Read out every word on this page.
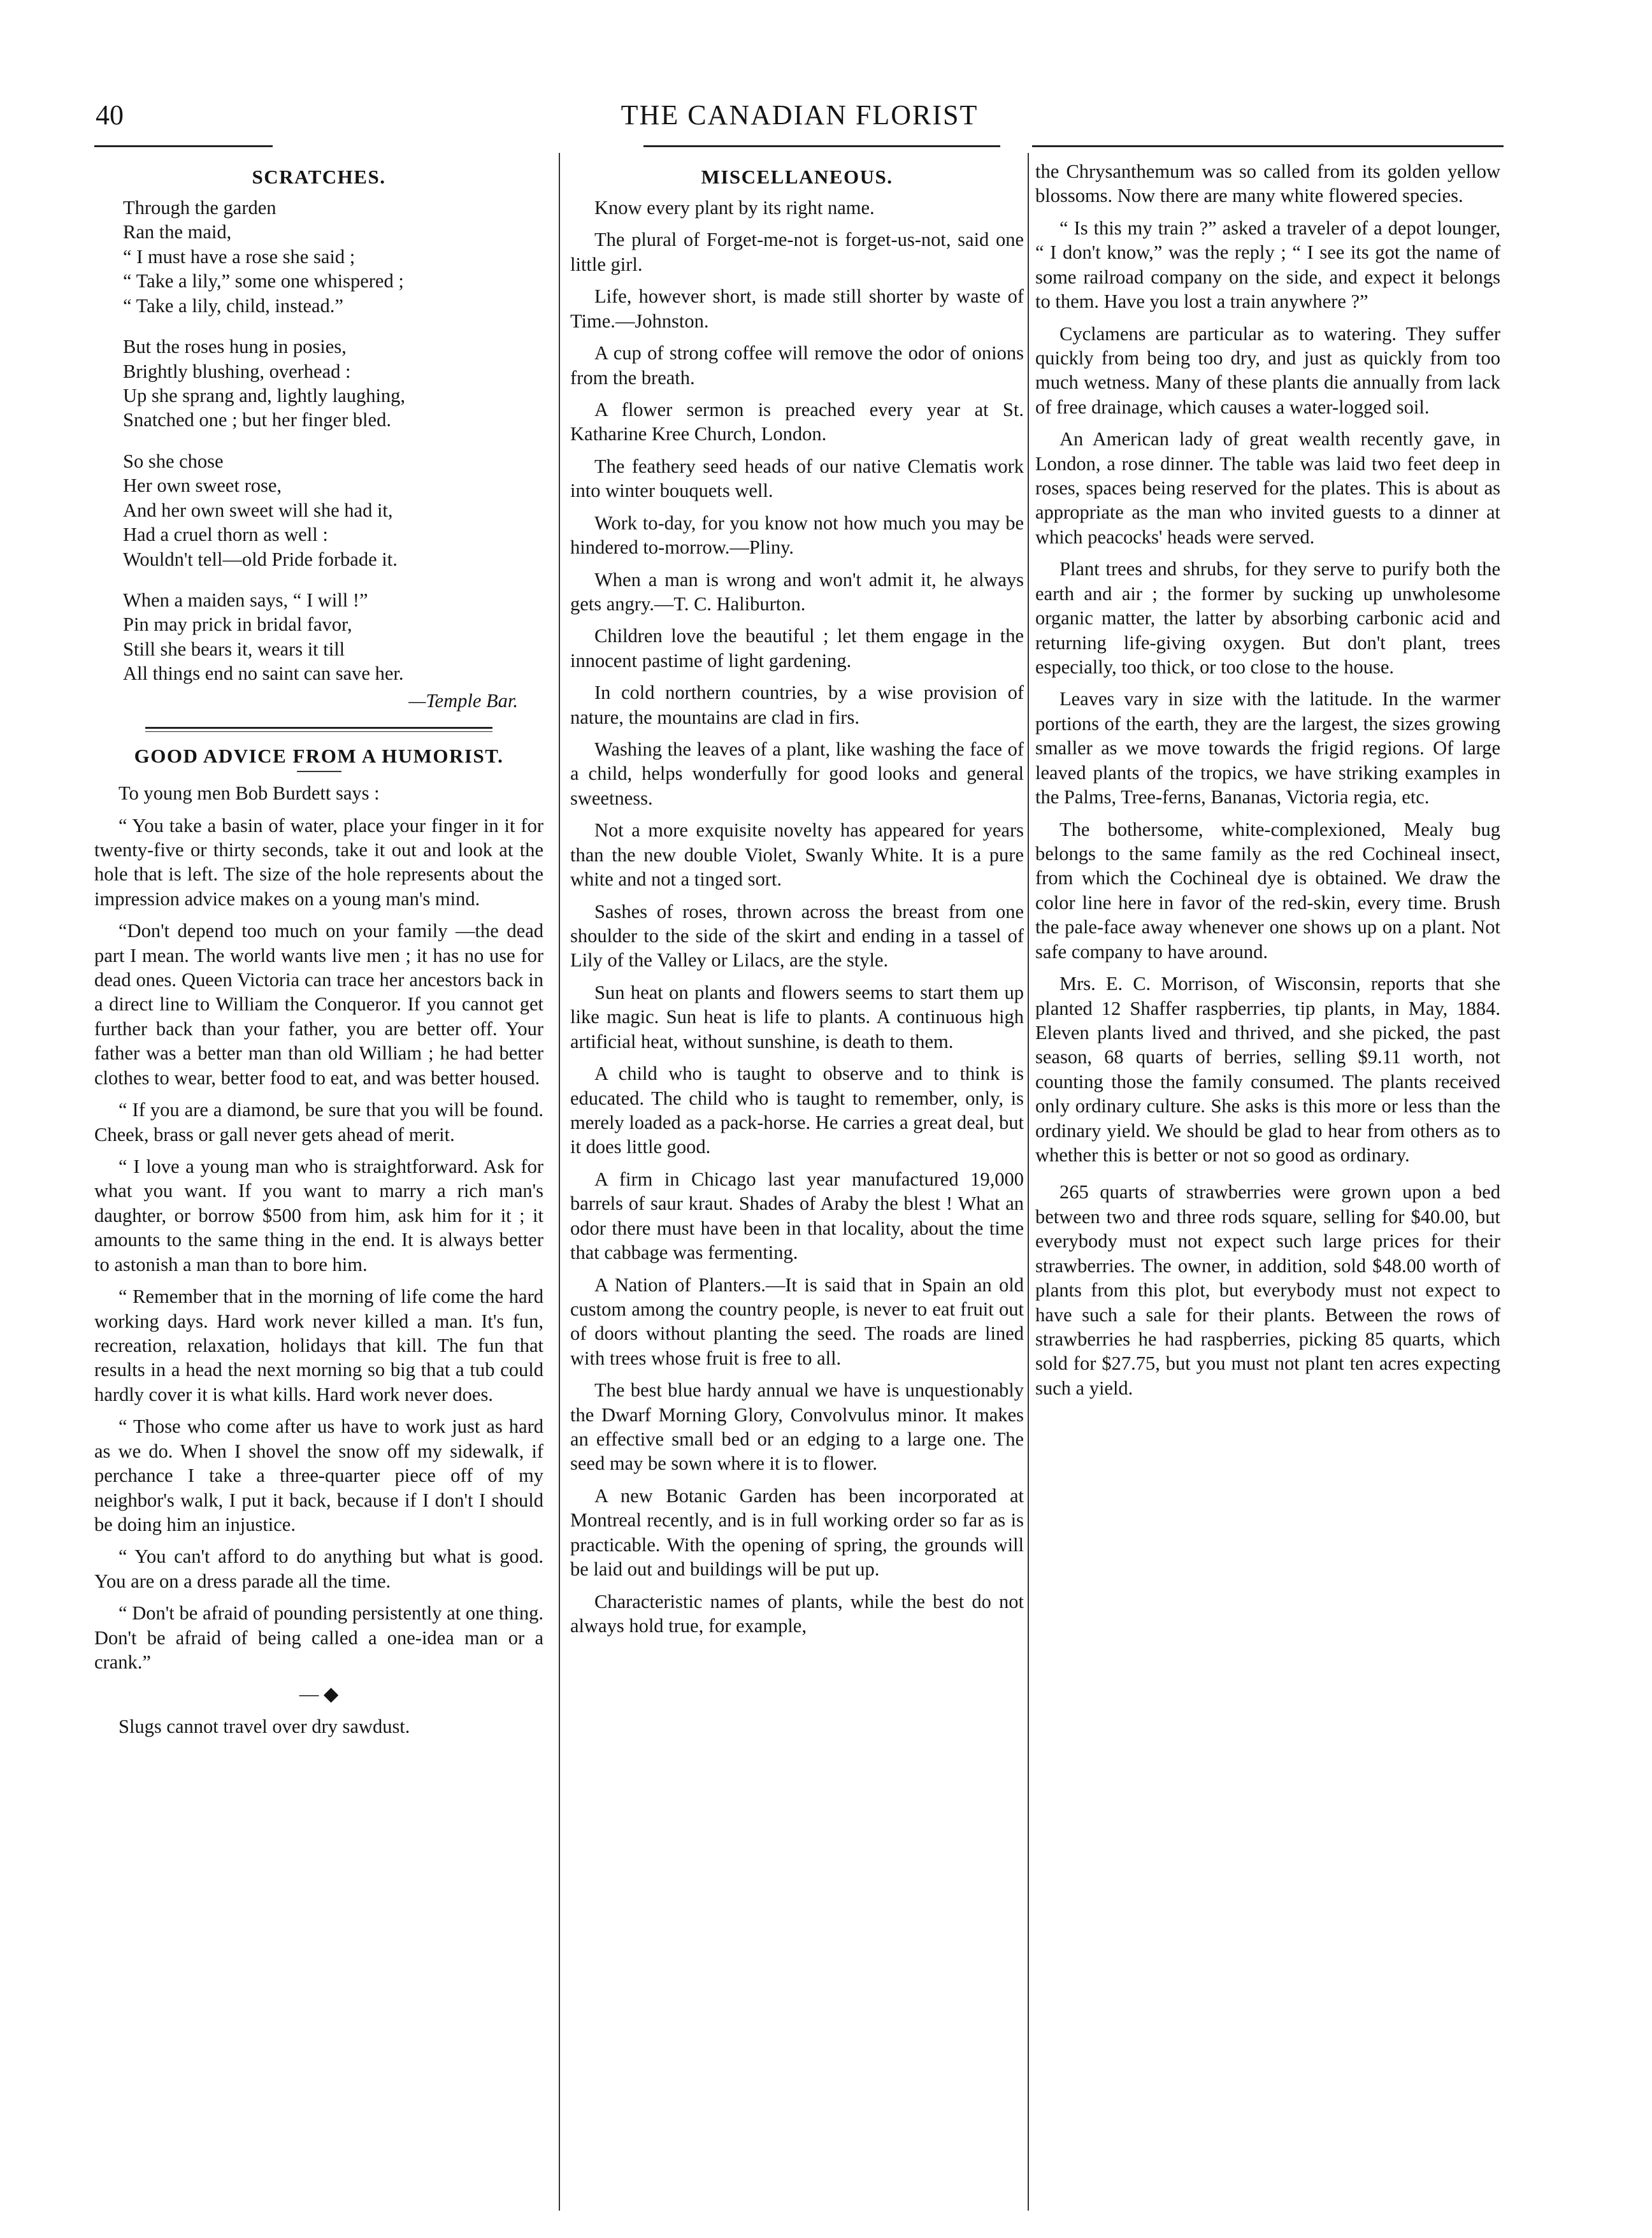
40	THE CANADIAN FLORIST
SCRATCHES.
Through the garden
Ran the maid,
“ I must have a rose she said ;
“ Take a lily,” some one whispered ;
“ Take a lily, child, instead.”
But the roses hung in posies,
Brightly blushing, overhead :
Up she sprang and, lightly laughing,
Snatched one ; but her finger bled.
So she chose
Her own sweet rose,
And her own sweet will she had it,
Had a cruel thorn as well :
Wouldn't tell—old Pride forbade it.
When a maiden says, “ I will !”
Pin may prick in bridal favor,
Still she bears it, wears it till
All things end no saint can save her.
—Temple Bar.
GOOD ADVICE FROM A HUMORIST.

To young men Bob Burdett says :

“ You take a basin of water, place your finger in it for twenty-five or thirty seconds, take it out and look at the hole that is left. The size of the hole represents about the impression advice makes on a young man's mind.

“Don't depend too much on your family —the dead part I mean. The world wants live men ; it has no use for dead ones. Queen Victoria can trace her ancestors back in a direct line to William the Conqueror. If you cannot get further back than your father, you are better off. Your father was a better man than old William ; he had better clothes to wear, better food to eat, and was better housed.

“ If you are a diamond, be sure that you will be found. Cheek, brass or gall never gets ahead of merit.

“ I love a young man who is straightforward. Ask for what you want. If you want to marry a rich man's daughter, or borrow $500 from him, ask him for it ; it amounts to the same thing in the end. It is always better to astonish a man than to bore him.

“ Remember that in the morning of life come the hard working days. Hard work never killed a man. It's fun, recreation, relaxation, holidays that kill. The fun that results in a head the next morning so big that a tub could hardly cover it is what kills. Hard work never does.

“ Those who come after us have to work just as hard as we do. When I shovel the snow off my sidewalk, if perchance I take a three-quarter piece off of my neighbor's walk, I put it back, because if I don't I should be doing him an injustice.

“ You can't afford to do anything but what is good. You are on a dress parade all the time.

“ Don't be afraid of pounding persistently at one thing. Don't be afraid of being called a one-idea man or a crank.”

— ◆

Slugs cannot travel over dry sawdust.

MISCELLANEOUS.

Know every plant by its right name.

The plural of Forget-me-not is forget-us-not, said one little girl.

Life, however short, is made still shorter by waste of Time.—Johnston.

A cup of strong coffee will remove the odor of onions from the breath.

A flower sermon is preached every year at St. Katharine Kree Church, London.

The feathery seed heads of our native Clematis work into winter bouquets well.

Work to-day, for you know not how much you may be hindered to-morrow.—Pliny.

When a man is wrong and won't admit it, he always gets angry.—T. C. Haliburton.

Children love the beautiful ; let them engage in the innocent pastime of light gardening.

In cold northern countries, by a wise provision of nature, the mountains are clad in firs.

Washing the leaves of a plant, like washing the face of a child, helps wonderfully for good looks and general sweetness.

Not a more exquisite novelty has appeared for years than the new double Violet, Swanly White. It is a pure white and not a tinged sort.

Sashes of roses, thrown across the breast from one shoulder to the side of the skirt and ending in a tassel of Lily of the Valley or Lilacs, are the style.

Sun heat on plants and flowers seems to start them up like magic. Sun heat is life to plants. A continuous high artificial heat, without sunshine, is death to them.

A child who is taught to observe and to think is educated. The child who is taught to remember, only, is merely loaded as a pack-horse. He carries a great deal, but it does little good.

A firm in Chicago last year manufactured 19,000 barrels of saur kraut. Shades of Araby the blest ! What an odor there must have been in that locality, about the time that cabbage was fermenting.

A Nation of Planters.—It is said that in Spain an old custom among the country people, is never to eat fruit out of doors without planting the seed. The roads are lined with trees whose fruit is free to all.

The best blue hardy annual we have is unquestionably the Dwarf Morning Glory, Convolvulus minor. It makes an effective small bed or an edging to a large one. The seed may be sown where it is to flower.

A new Botanic Garden has been incorporated at Montreal recently, and is in full working order so far as is practicable. With the opening of spring, the grounds will be laid out and buildings will be put up.

Characteristic names of plants, while the best do not always hold true, for example,

the Chrysanthemum was so called from its golden yellow blossoms. Now there are many white flowered species.

“ Is this my train ?” asked a traveler of a depot lounger, “ I don't know,” was the reply ; “ I see its got the name of some railroad company on the side, and expect it belongs to them. Have you lost a train anywhere ?”

Cyclamens are particular as to watering. They suffer quickly from being too dry, and just as quickly from too much wetness. Many of these plants die annually from lack of free drainage, which causes a water-logged soil.

An American lady of great wealth recently gave, in London, a rose dinner. The table was laid two feet deep in roses, spaces being reserved for the plates. This is about as appropriate as the man who invited guests to a dinner at which peacocks' heads were served.

Plant trees and shrubs, for they serve to purify both the earth and air ; the former by sucking up unwholesome organic matter, the latter by absorbing carbonic acid and returning life-giving oxygen. But don't plant, trees especially, too thick, or too close to the house.

Leaves vary in size with the latitude. In the warmer portions of the earth, they are the largest, the sizes growing smaller as we move towards the frigid regions. Of large leaved plants of the tropics, we have striking examples in the Palms, Tree-ferns, Bananas, Victoria regia, etc.

The bothersome, white-complexioned, Mealy bug belongs to the same family as the red Cochineal insect, from which the Cochineal dye is obtained. We draw the color line here in favor of the red-skin, every time. Brush the pale-face away whenever one shows up on a plant. Not safe company to have around.

Mrs. E. C. Morrison, of Wisconsin, reports that she planted 12 Shaffer raspberries, tip plants, in May, 1884. Eleven plants lived and thrived, and she picked, the past season, 68 quarts of berries, selling $9.11 worth, not counting those the family consumed. The plants received only ordinary culture. She asks is this more or less than the ordinary yield. We should be glad to hear from others as to whether this is better or not so good as ordinary.

265 quarts of strawberries were grown upon a bed between two and three rods square, selling for $40.00, but everybody must not expect such large prices for their strawberries. The owner, in addition, sold $48.00 worth of plants from this plot, but everybody must not expect to have such a sale for their plants. Between the rows of strawberries he had raspberries, picking 85 quarts, which sold for $27.75, but you must not plant ten acres expecting such a yield.
